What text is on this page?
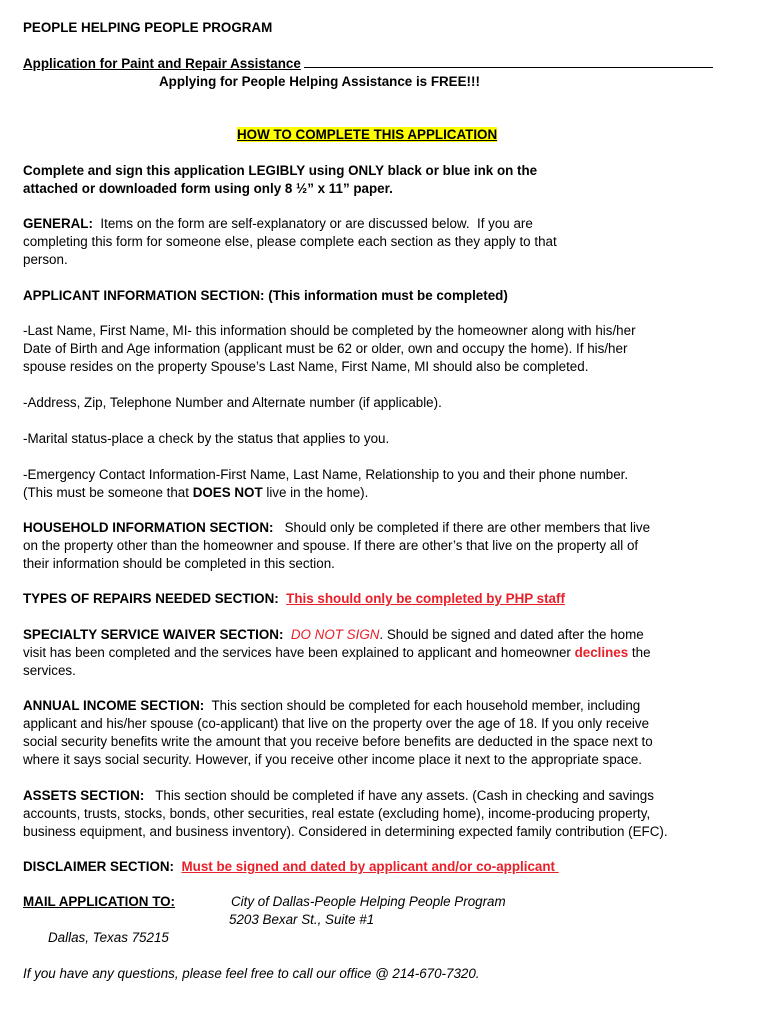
PEOPLE HELPING PEOPLE PROGRAM
Application for Paint and Repair Assistance
Applying for People Helping Assistance is FREE!!!
HOW TO COMPLETE THIS APPLICATION
Complete and sign this application LEGIBLY using ONLY black or blue ink on the
attached or downloaded form using only 8 ½” x 11” paper.
GENERAL:  Items on the form are self-explanatory or are discussed below.  If you are
completing this form for someone else, please complete each section as they apply to that
person.
APPLICANT INFORMATION SECTION: (This information must be completed)
-Last Name, First Name, MI- this information should be completed by the homeowner along with his/her
Date of Birth and Age information (applicant must be 62 or older, own and occupy the home). If his/her
spouse resides on the property Spouse’s Last Name, First Name, MI should also be completed.
-Address, Zip, Telephone Number and Alternate number (if applicable).
-Marital status-place a check by the status that applies to you.
-Emergency Contact Information-First Name, Last Name, Relationship to you and their phone number.
(This must be someone that DOES NOT live in the home).
HOUSEHOLD INFORMATION SECTION:   Should only be completed if there are other members that live
on the property other than the homeowner and spouse. If there are other’s that live on the property all of
their information should be completed in this section.
TYPES OF REPAIRS NEEDED SECTION: This should only be completed by PHP staff
SPECIALTY SERVICE WAIVER SECTION: DO NOT SIGN. Should be signed and dated after the home
visit has been completed and the services have been explained to applicant and homeowner declines the
services.
ANNUAL INCOME SECTION:  This section should be completed for each household member, including
applicant and his/her spouse (co-applicant) that live on the property over the age of 18. If you only receive
social security benefits write the amount that you receive before benefits are deducted in the space next to
where it says social security. However, if you receive other income place it next to the appropriate space.
ASSETS SECTION:   This section should be completed if have any assets. (Cash in checking and savings
accounts, trusts, stocks, bonds, other securities, real estate (excluding home), income-producing property,
business equipment, and business inventory). Considered in determining expected family contribution (EFC).
DISCLAIMER SECTION: Must be signed and dated by applicant and/or co-applicant
MAIL APPLICATION TO:	City of Dallas-People Helping People Program
5203 Bexar St., Suite #1
Dallas, Texas 75215
If you have any questions, please feel free to call our office @ 214-670-7320.
